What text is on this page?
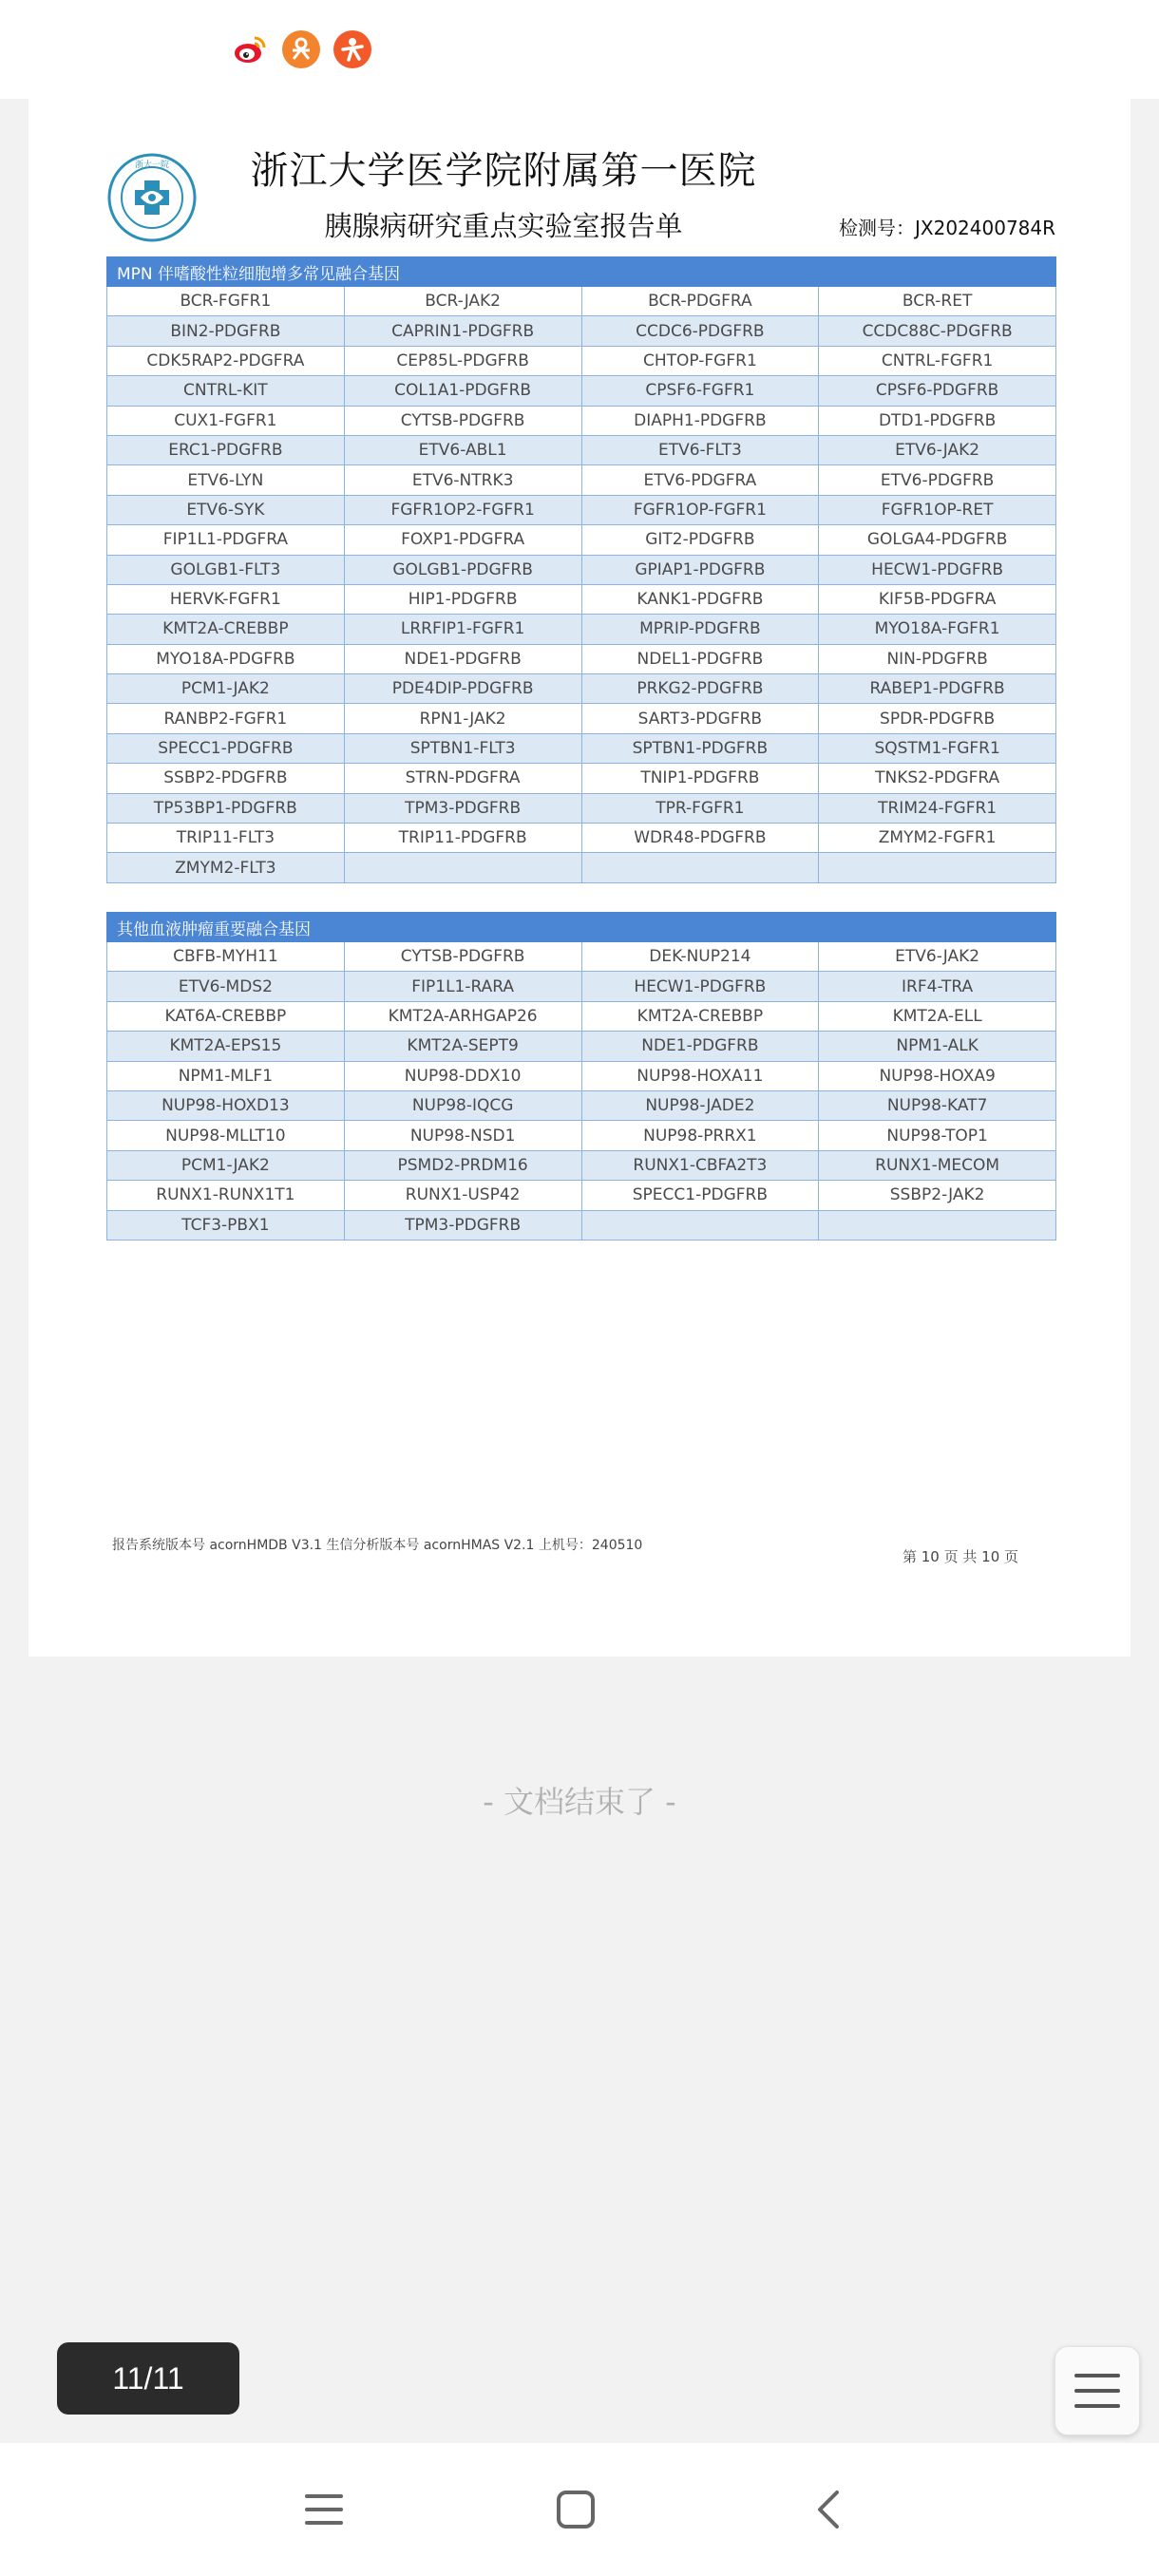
浙大一院	浙江大学医学院附属第一医院
胰腺病研究重点实验室报告单	检测号：JX202400784R
MPN 伴嗜酸性粒细胞增多常见融合基因			
BCR-FGFR1	BCR-JAK2	BCR-PDGFRA	BCR-RET
BIN2-PDGFRB	CAPRIN1-PDGFRB	CCDC6-PDGFRB	CCDC88C-PDGFRB
CDK5RAP2-PDGFRA	CEP85L-PDGFRB	CHTOP-FGFR1	CNTRL-FGFR1
CNTRL-KIT	COL1A1-PDGFRB	CPSF6-FGFR1	CPSF6-PDGFRB
CUX1-FGFR1	CYTSB-PDGFRB	DIAPH1-PDGFRB	DTD1-PDGFRB
ERC1-PDGFRB	ETV6-ABL1	ETV6-FLT3	ETV6-JAK2
ETV6-LYN	ETV6-NTRK3	ETV6-PDGFRA	ETV6-PDGFRB
ETV6-SYK	FGFR1OP2-FGFR1	FGFR1OP-FGFR1	FGFR1OP-RET
FIP1L1-PDGFRA	FOXP1-PDGFRA	GIT2-PDGFRB	GOLGA4-PDGFRB
GOLGB1-FLT3	GOLGB1-PDGFRB	GPIAP1-PDGFRB	HECW1-PDGFRB
HERVK-FGFR1	HIP1-PDGFRB	KANK1-PDGFRB	KIF5B-PDGFRA
KMT2A-CREBBP	LRRFIP1-FGFR1	MPRIP-PDGFRB	MYO18A-FGFR1
MYO18A-PDGFRB	NDE1-PDGFRB	NDEL1-PDGFRB	NIN-PDGFRB
PCM1-JAK2	PDE4DIP-PDGFRB	PRKG2-PDGFRB	RABEP1-PDGFRB
RANBP2-FGFR1	RPN1-JAK2	SART3-PDGFRB	SPDR-PDGFRB
SPECC1-PDGFRB	SPTBN1-FLT3	SPTBN1-PDGFRB	SQSTM1-FGFR1
SSBP2-PDGFRB	STRN-PDGFRA	TNIP1-PDGFRB	TNKS2-PDGFRA
TP53BP1-PDGFRB	TPM3-PDGFRB	TPR-FGFR1	TRIM24-FGFR1
TRIP11-FLT3	TRIP11-PDGFRB	WDR48-PDGFRB	ZMYM2-FGFR1
ZMYM2-FLT3			
其他血液肿瘤重要融合基因			
CBFB-MYH11	CYTSB-PDGFRB	DEK-NUP214	ETV6-JAK2
ETV6-MDS2	FIP1L1-RARA	HECW1-PDGFRB	IRF4-TRA
KAT6A-CREBBP	KMT2A-ARHGAP26	KMT2A-CREBBP	KMT2A-ELL
KMT2A-EPS15	KMT2A-SEPT9	NDE1-PDGFRB	NPM1-ALK
NPM1-MLF1	NUP98-DDX10	NUP98-HOXA11	NUP98-HOXA9
NUP98-HOXD13	NUP98-IQCG	NUP98-JADE2	NUP98-KAT7
NUP98-MLLT10	NUP98-NSD1	NUP98-PRRX1	NUP98-TOP1
PCM1-JAK2	PSMD2-PRDM16	RUNX1-CBFA2T3	RUNX1-MECOM
RUNX1-RUNX1T1	RUNX1-USP42	SPECC1-PDGFRB	SSBP2-JAK2
TCF3-PBX1	TPM3-PDGFRB		
报告系统版本号 acornHMDB V3.1 生信分析版本号 acornHMAS V2.1 上机号：240510
第 10 页 共 10 页
- 文档结束了 -
11/11
